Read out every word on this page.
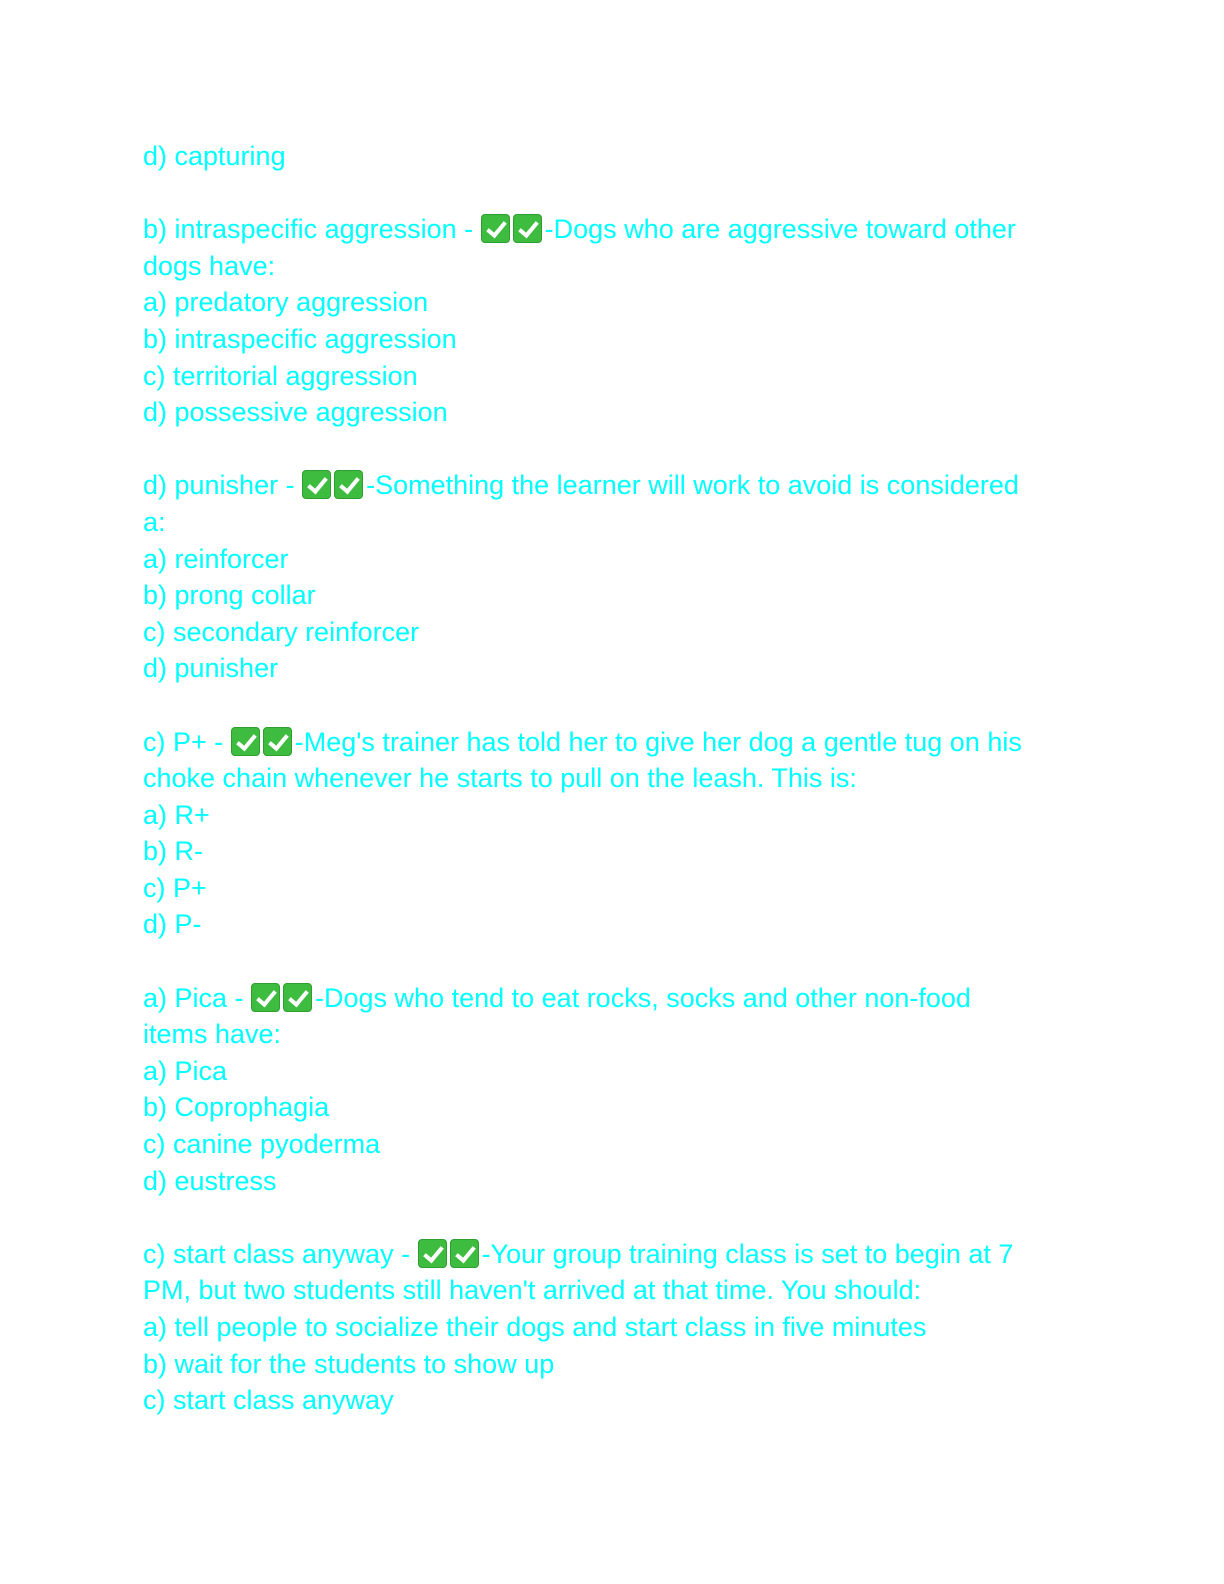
d) capturing
b) intraspecific aggression - -Dogs who are aggressive toward other
dogs have:
a) predatory aggression
b) intraspecific aggression
c) territorial aggression
d) possessive aggression
d) punisher - -Something the learner will work to avoid is considered
a:
a) reinforcer
b) prong collar
c) secondary reinforcer
d) punisher
c) P+ - -Meg's trainer has told her to give her dog a gentle tug on his
choke chain whenever he starts to pull on the leash. This is:
a) R+
b) R-
c) P+
d) P-
a) Pica - -Dogs who tend to eat rocks, socks and other non-food
items have:
a) Pica
b) Coprophagia
c) canine pyoderma
d) eustress
c) start class anyway - -Your group training class is set to begin at 7
PM, but two students still haven't arrived at that time. You should:
a) tell people to socialize their dogs and start class in five minutes
b) wait for the students to show up
c) start class anyway
